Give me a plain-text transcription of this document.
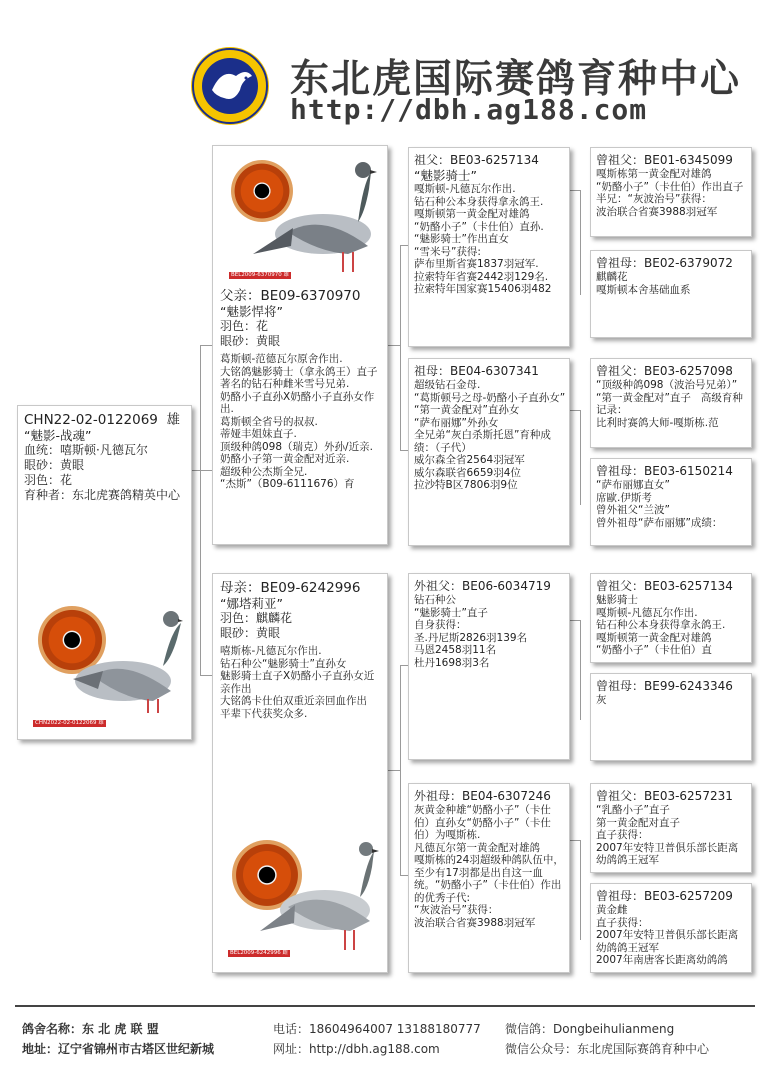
东北虎国际赛鸽育种中心
http://dbh.ag188.com
CHN22-02-0122069 雄
“魅影-战魂”
血统：嘻斯顿·凡德瓦尔
眼砂：黄眼
羽色：花
育种者：东北虎赛鸽精英中心
CHN2022-02-0122069 雄
BEL2009-6370970 雄
父亲：BE09-6370970
“魅影悍将”
羽色：花
眼砂：黄眼
葛斯顿-范德瓦尔原舍作出.
大铭鸽魅影骑士（拿永鸽王）直子
著名的钻石种雌米雪号兄弟.
奶酪小子直孙X奶酪小子直孙女作出.
葛斯顿全省号的叔叔.
蒂娅丰姐妹直子.
顶级种鸽098（瑞克）外孙/近亲.
奶酪小子第一黄金配对近亲.
超级种公杰斯全兄.
“杰斯”（B09-6111676）育
母亲：BE09-6242996
“娜塔莉亚”
羽色：麒麟花
眼砂：黄眼
嘻斯栋-凡德瓦尔作出.
钻石种公“魅影骑士”直孙女
魅影骑士直子X奶酪小子直孙女近亲作出
大铭鸽卡仕伯双重近亲回血作出
平辈下代获奖众多.
祖父：BE03-6257134
“魅影骑士”
嘎斯顿-凡德瓦尔作出.
钻石种公本身获得拿永鸽王.
嘎斯顿第一黄金配对雄鸽
“奶酪小子”（卡仕伯）直孙.
“魅影骑士”作出直女
“雪米号”获得:
萨布里斯省赛1837羽冠军.
拉索特年省赛2442羽129名.
拉索特年国家赛15406羽482
祖母：BE04-6307341
超级钻石金母.
“葛斯顿号之母-奶酪小子直孙女”
“第一黄金配对”直孙女
“萨布丽娜”外孙女
全兄弟“灰白杀斯托恩”育种成绩：（子代）
威尔森全省2564羽冠军
威尔森联省6659羽4位
拉沙特B区7806羽9位
外祖父：BE06-6034719
钻石种公
“魅影骑士”直子
自身获得：
圣.丹尼斯2826羽139名
马恩2458羽11名
杜丹1698羽3名
外祖母：BE04-6307246
灰黄金种雄“奶酪小子”（卡仕伯）直孙女“奶酪小子”（卡仕伯）为嘎斯栋.
凡德瓦尔第一黄金配对雄鸽
嘎斯栋的24羽超级种鸽队伍中，至少有17羽都是出自这一血统。“奶酪小子”（卡仕伯）作出的优秀子代:
“灰波治号”获得：
波治联合省赛3988羽冠军
BEL2009-6242996 雌
曾祖父：BE01-6345099
嘎斯栋第一黄金配对雄鸽
“奶酪小子”（卡仕伯）作出直子
半兄：“灰波治号”获得：
波治联合省赛3988羽冠军
曾祖母：BE02-6379072
麒麟花
嘎斯顿本舍基础血系
曾祖父：BE03-6257098
“顶级种鸽098（波治号兄弟）”
“第一黄金配对”直子   高级育种记录：
比利时赛鸽大师-嘎斯栋.范
曾祖母：BE03-6150214
“萨布丽娜直女”
席歐.伊斯考
曾外祖父“兰波”
曾外祖母“萨布丽娜”成绩：
曾祖父：BE03-6257134
魅影骑士
嘎斯顿-凡德瓦尔作出.
钻石种公本身获得拿永鸽王.
嘎斯顿第一黄金配对雄鸽
“奶酪小子”（卡仕伯）直
曾祖母：BE99-6243346
灰
曾祖父：BE03-6257231
“乳酪小子”直子
第一黄金配对直子
直子获得：
2007年安特卫普俱乐部长距离幼鸽鸽王冠军
曾祖母：BE03-6257209
黄金雌
直子获得：
2007年安特卫普俱乐部长距离幼鸽鸽王冠军
2007年南唐客长距离幼鸽鸽
鸽舍名称：东 北 虎 联 盟	电话：18604964007 13188180777 微信鸽：Dongbeihulianmeng
地址：辽宁省锦州市古塔区世纪新城	网址：http://dbh.ag188.com	微信公众号：东北虎国际赛鸽育种中心
